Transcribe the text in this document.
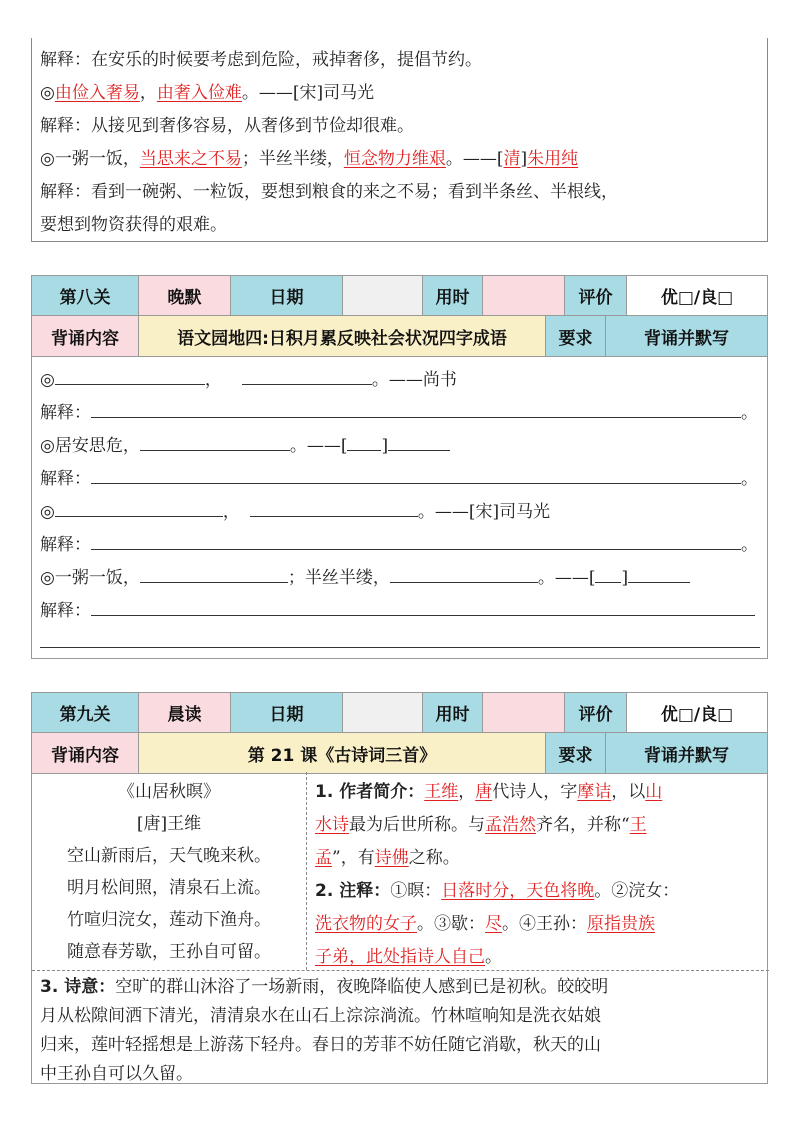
解释：在安乐的时候要考虑到危险，戒掉奢侈，提倡节约。
◎由俭入奢易，由奢入俭难。——[宋]司马光
解释：从接见到奢侈容易，从奢侈到节俭却很难。
◎一粥一饭，当思来之不易；半丝半缕，恒念物力维艰。——[清]朱用纯
解释：看到一碗粥、一粒饭，要想到粮食的来之不易；看到半条丝、半根线，
要想到物资获得的艰难。
第八关	晚默	日期	用时	评价	优□/良□
背诵内容	语文园地四:日积月累反映社会状况四字成语	要求	背诵并默写
◎	，	。——尚书
解释：	。
◎居安思危，	。——[ ]
解释：	。
◎	，	。——[宋]司马光
解释：	。
◎一粥一饭，	；半丝半缕，	。——[ ]
解释：
第九关	晨读	日期	用时	评价	优□/良□
背诵内容	第 21 课《古诗词三首》	要求	背诵并默写
《山居秋暝》
[唐]王维
空山新雨后，天气晚来秋。
明月松间照，清泉石上流。
竹喧归浣女，莲动下渔舟。
随意春芳歇，王孙自可留。
1. 作者简介：王维，唐代诗人，字摩诘，以山
水诗最为后世所称。与孟浩然齐名，并称“王
孟”，有诗佛之称。
2. 注释：①暝：日落时分，天色将晚。②浣女：
洗衣物的女子。③歇：尽。④王孙：原指贵族
子弟，此处指诗人自己。
3. 诗意：空旷的群山沐浴了一场新雨，夜晚降临使人感到已是初秋。皎皎明
月从松隙间洒下清光，清清泉水在山石上淙淙淌流。竹林喧响知是洗衣姑娘
归来，莲叶轻摇想是上游荡下轻舟。春日的芳菲不妨任随它消歇，秋天的山
中王孙自可以久留。
